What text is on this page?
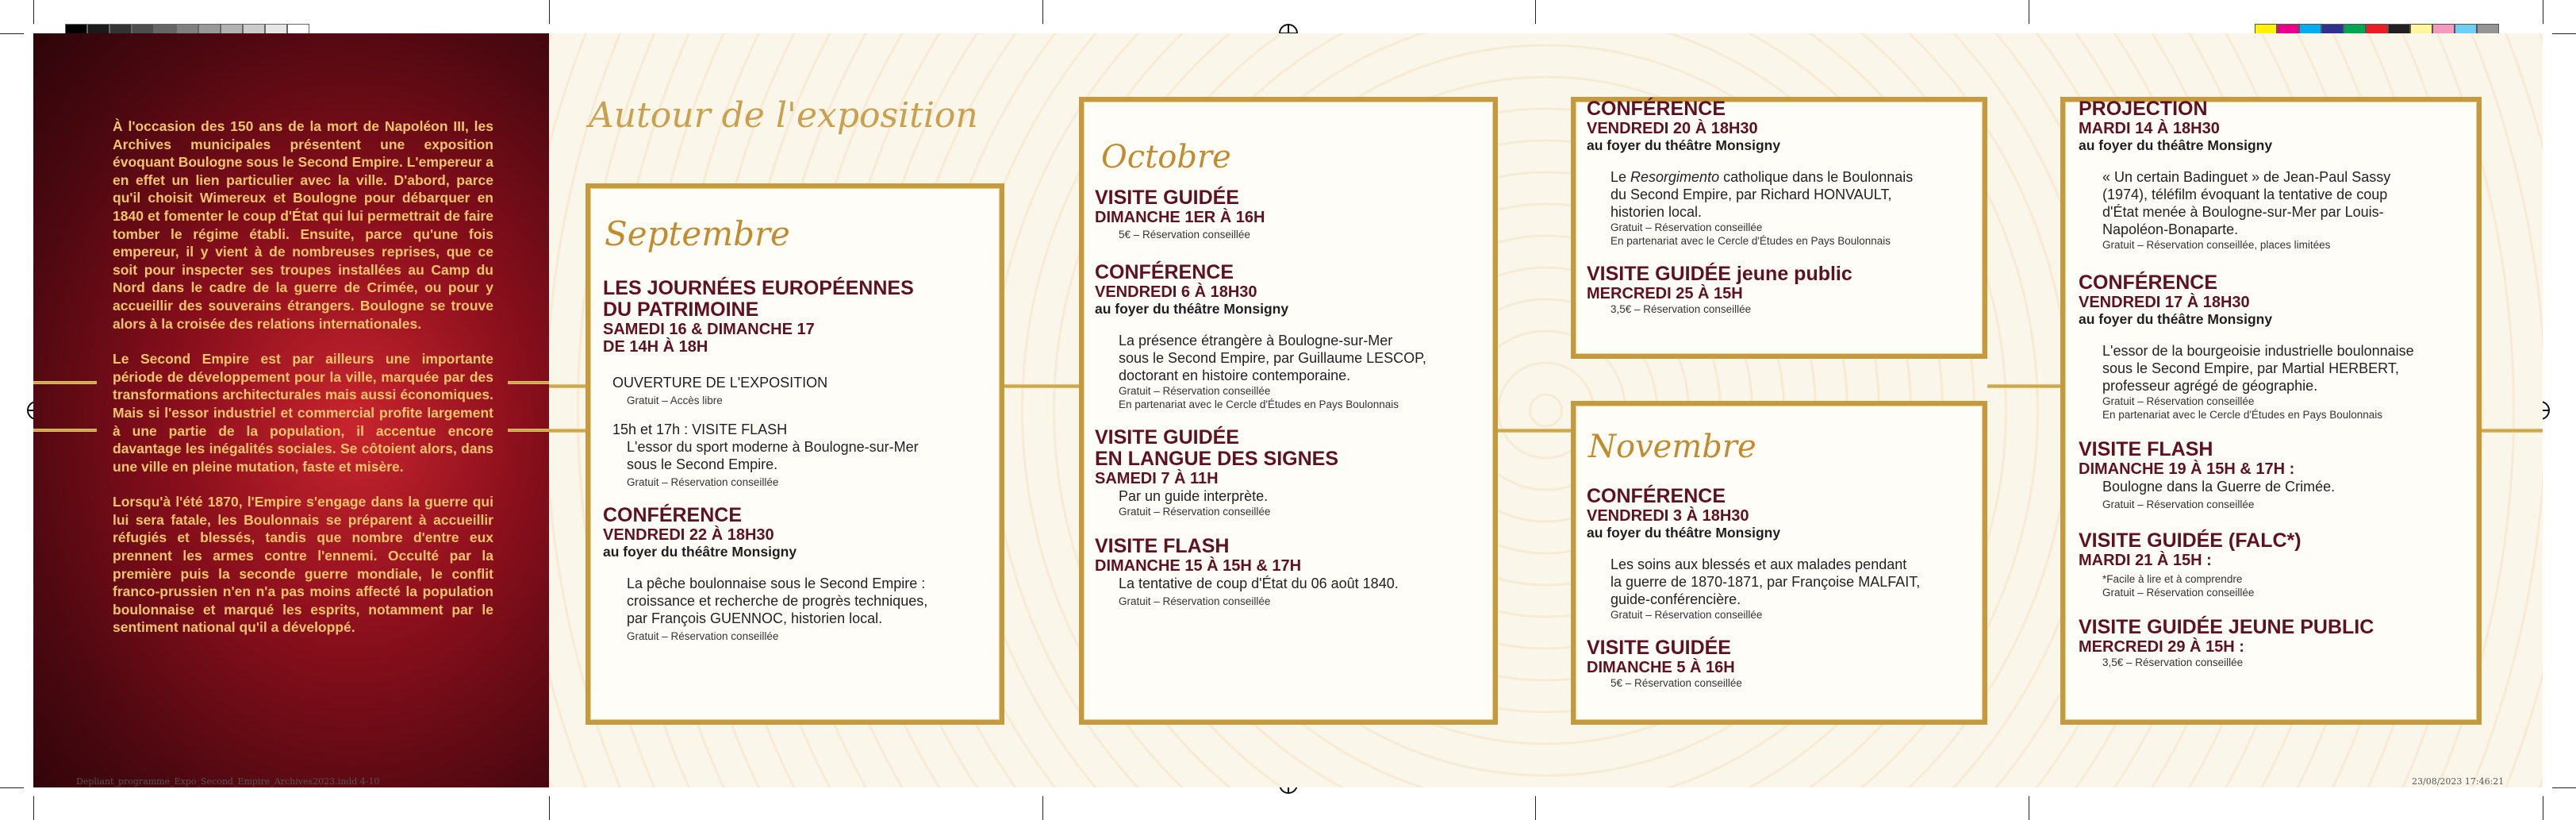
À l'occasion des 150 ans de la mort de Napoléon III, les Archives municipales présentent une exposition évoquant Boulogne sous le Second Empire. L'empereur a en effet un lien particulier avec la ville. D'abord, parce qu'il choisit Wimereux et Boulogne pour débarquer en 1840 et fomenter le coup d'État qui lui permettrait de faire tomber le régime établi. Ensuite, parce qu'une fois empereur, il y vient à de nombreuses reprises, que ce soit pour inspecter ses troupes installées au Camp du Nord dans le cadre de la guerre de Crimée, ou pour y accueillir des souverains étrangers. Boulogne se trouve alors à la croisée des relations internationales.

Le Second Empire est par ailleurs une importante période de développement pour la ville, marquée par des transformations architecturales mais aussi économiques. Mais si l'essor industriel et commercial profite largement à une partie de la population, il accentue encore davantage les inégalités sociales. Se côtoient alors, dans une ville en pleine mutation, faste et misère.

Lorsqu'à l'été 1870, l'Empire s'engage dans la guerre qui lui sera fatale, les Boulonnais se préparent à accueillir réfugiés et blessés, tandis que nombre d'entre eux prennent les armes contre l'ennemi. Occulté par la première puis la seconde guerre mondiale, le conflit franco-prussien n'en n'a pas moins affecté la population boulonnaise et marqué les esprits, notamment par le sentiment national qu'il a développé.

Autour de l'exposition
Septembre

LES JOURNÉES EUROPÉENNES

DU PATRIMOINE

SAMEDI 16 & DIMANCHE 17

DE 14H À 18H

OUVERTURE DE L'EXPOSITION

Gratuit – Accès libre

15h et 17h : VISITE FLASH

L'essor du sport moderne à Boulogne-sur-Mer

sous le Second Empire.

Gratuit – Réservation conseillée

CONFÉRENCE

VENDREDI 22 À 18H30

au foyer du théâtre Monsigny

La pêche boulonnaise sous le Second Empire :

croissance et recherche de progrès techniques,

par François GUENNOC, historien local.

Gratuit – Réservation conseillée

Octobre

VISITE GUIDÉE

DIMANCHE 1ER À 16H

5€ – Réservation conseillée

CONFÉRENCE

VENDREDI 6 À 18H30

au foyer du théâtre Monsigny

La présence étrangère à Boulogne-sur-Mer

sous le Second Empire, par Guillaume LESCOP,

doctorant en histoire contemporaine.

Gratuit – Réservation conseillée

En partenariat avec le Cercle d'Études en Pays Boulonnais

VISITE GUIDÉE

EN LANGUE DES SIGNES

SAMEDI 7 À 11H

Par un guide interprète.

Gratuit – Réservation conseillée

VISITE FLASH

DIMANCHE 15 À 15H & 17H

La tentative de coup d'État du 06 août 1840.

Gratuit – Réservation conseillée

CONFÉRENCE

VENDREDI 20 À 18H30

au foyer du théâtre Monsigny

Le Resorgimento catholique dans le Boulonnais

du Second Empire, par Richard HONVAULT,

historien local.

Gratuit – Réservation conseillée

En partenariat avec le Cercle d'Études en Pays Boulonnais

VISITE GUIDÉE jeune public

MERCREDI 25 À 15H

3,5€ – Réservation conseillée

Novembre

CONFÉRENCE

VENDREDI 3 À 18H30

au foyer du théâtre Monsigny

Les soins aux blessés et aux malades pendant

la guerre de 1870-1871, par Françoise MALFAIT,

guide-conférencière.

Gratuit – Réservation conseillée

VISITE GUIDÉE

DIMANCHE 5 À 16H

5€ – Réservation conseillée

PROJECTION

MARDI 14 À 18H30

au foyer du théâtre Monsigny

« Un certain Badinguet » de Jean-Paul Sassy

(1974), téléfilm évoquant la tentative de coup

d'État menée à Boulogne-sur-Mer par Louis-

Napoléon-Bonaparte.

Gratuit – Réservation conseillée, places limitées

CONFÉRENCE

VENDREDI 17 À 18H30

au foyer du théâtre Monsigny

L'essor de la bourgeoisie industrielle boulonnaise

sous le Second Empire, par Martial HERBERT,

professeur agrégé de géographie.

Gratuit – Réservation conseillée

En partenariat avec le Cercle d'Études en Pays Boulonnais

VISITE FLASH

DIMANCHE 19 À 15H & 17H :

Boulogne dans la Guerre de Crimée.

Gratuit – Réservation conseillée

VISITE GUIDÉE (FALC*)

MARDI 21 À 15H :

*Facile à lire et à comprendre

Gratuit – Réservation conseillée

VISITE GUIDÉE JEUNE PUBLIC

MERCREDI 29 À 15H :

3,5€ – Réservation conseillée

Depliant_programme_Expo_Second_Empire_Archives2023.indd 4-10	23/08/2023 17:46:21
